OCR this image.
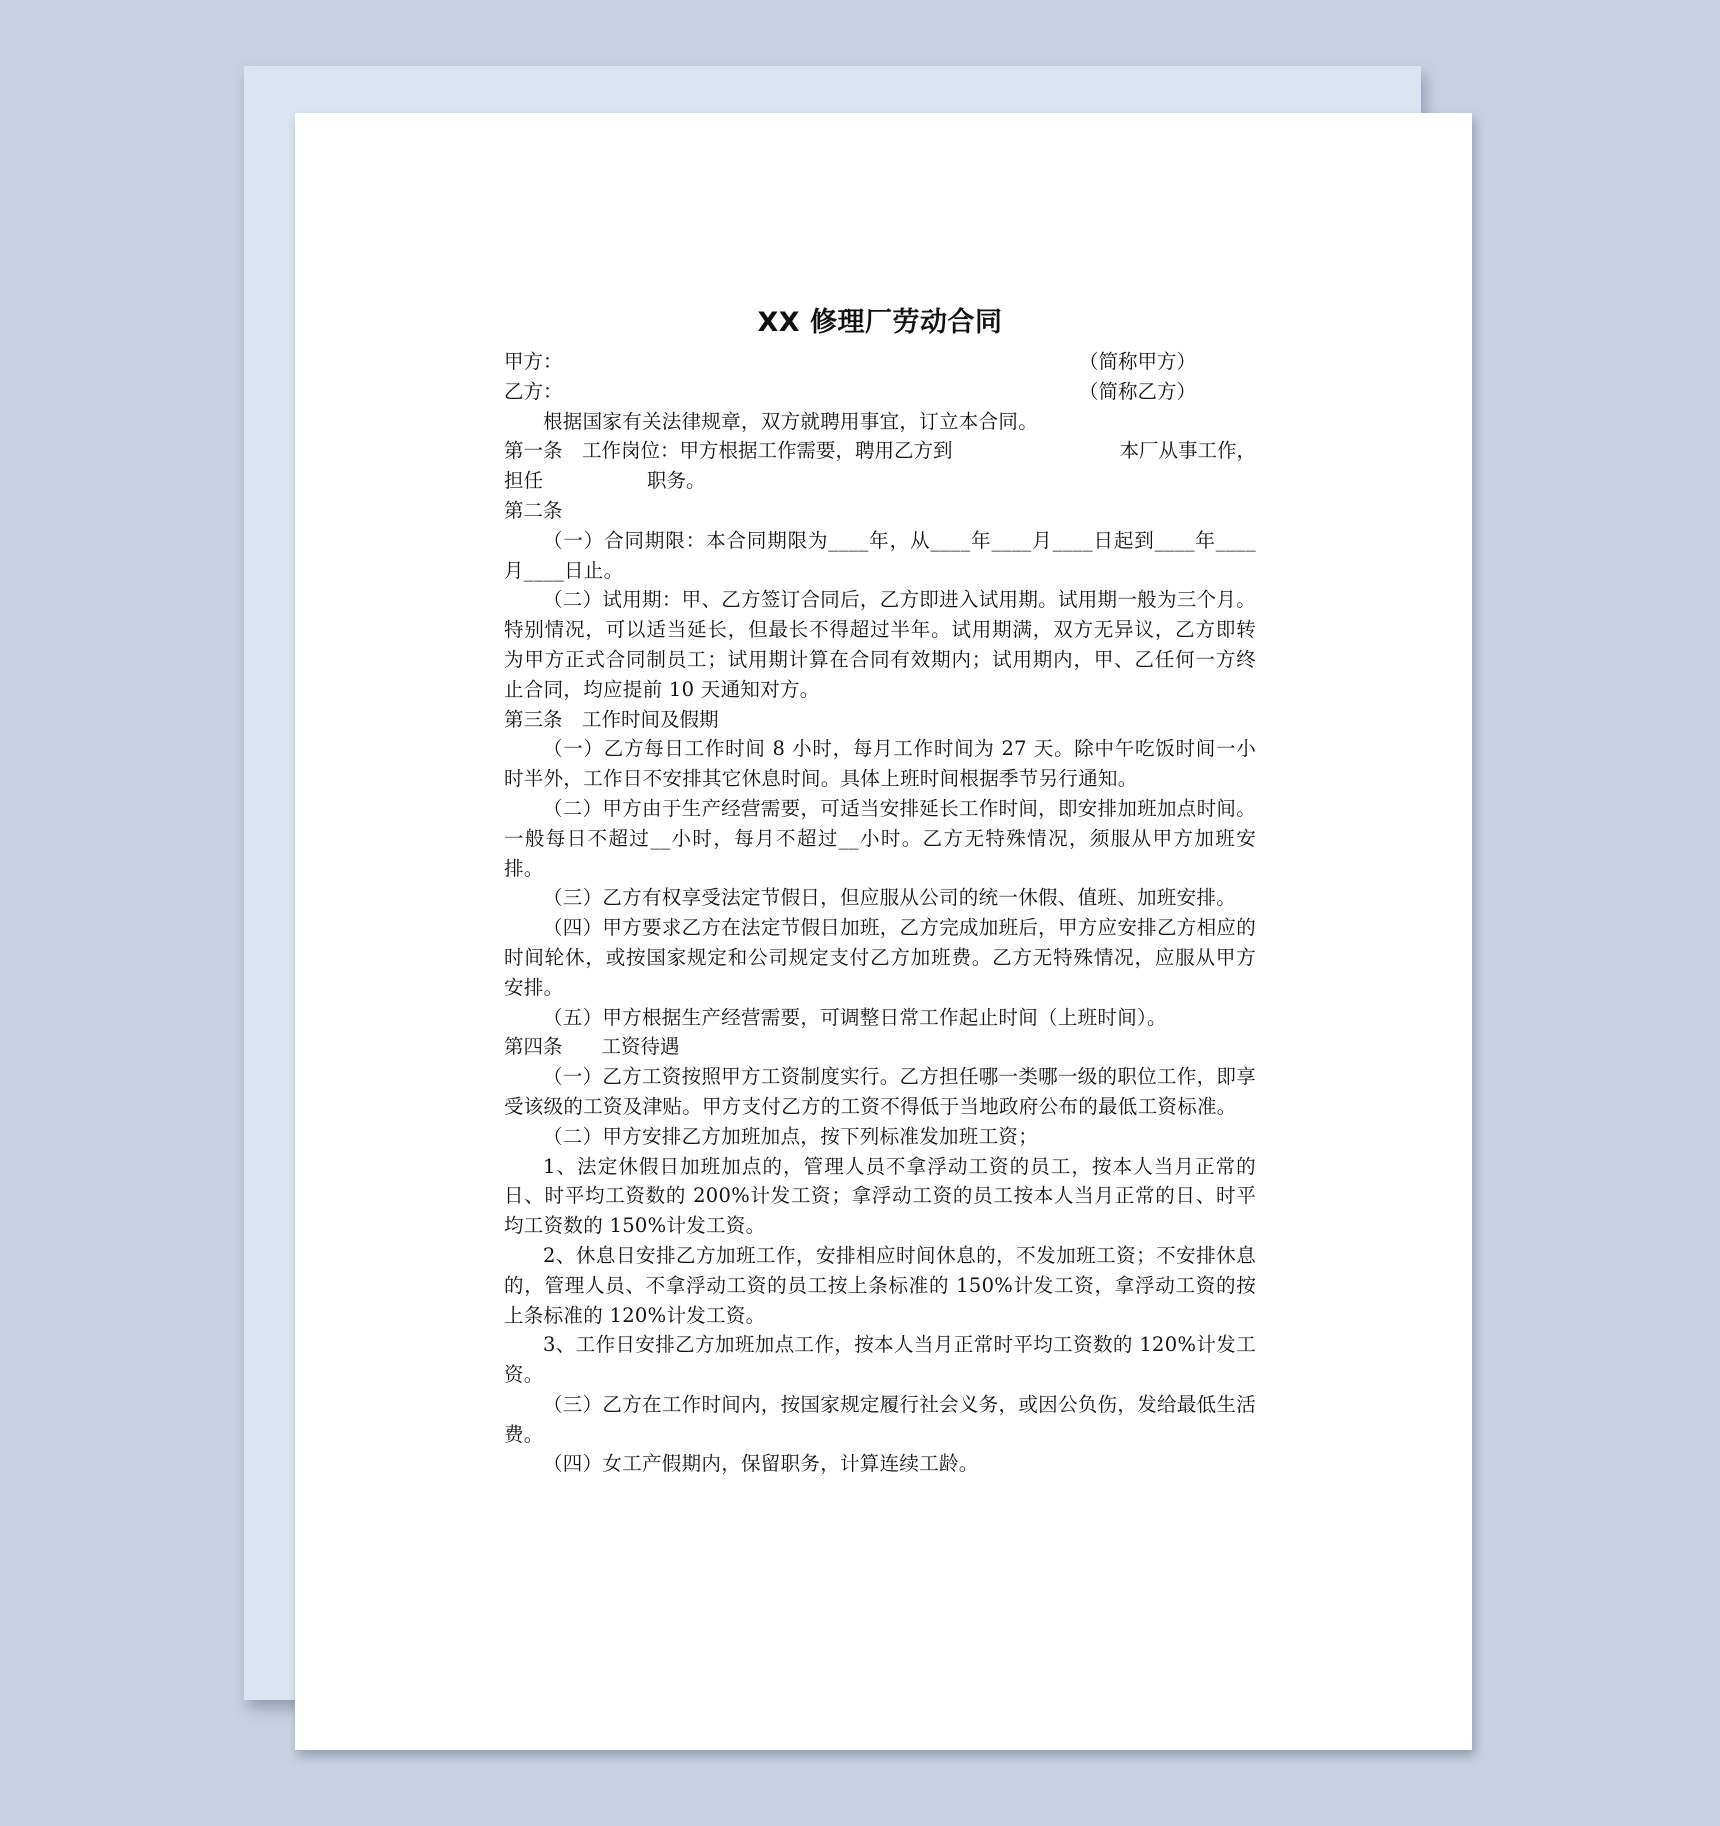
XX 修理厂劳动合同
甲方：	（简称甲方）
乙方：	（简称乙方）
根据国家有关法律规章，双方就聘用事宜，订立本合同。
第一条　工作岗位：甲方根据工作需要，聘用乙方到	本厂从事工作，
担任	职务。
第二条
（一）合同期限：本合同期限为____年，从____年____月____日起到____年____月____日止。
（二）试用期：甲、乙方签订合同后，乙方即进入试用期。试用期一般为三个月。特别情况，可以适当延长，但最长不得超过半年。试用期满，双方无异议，乙方即转为甲方正式合同制员工；试用期计算在合同有效期内；试用期内，甲、乙任何一方终止合同，均应提前 10 天通知对方。
第三条　工作时间及假期
（一）乙方每日工作时间 8 小时，每月工作时间为 27 天。除中午吃饭时间一小时半外，工作日不安排其它休息时间。具体上班时间根据季节另行通知。
（二）甲方由于生产经营需要，可适当安排延长工作时间，即安排加班加点时间。一般每日不超过__小时，每月不超过__小时。乙方无特殊情况，须服从甲方加班安排。
（三）乙方有权享受法定节假日，但应服从公司的统一休假、值班、加班安排。
（四）甲方要求乙方在法定节假日加班，乙方完成加班后，甲方应安排乙方相应的时间轮休，或按国家规定和公司规定支付乙方加班费。乙方无特殊情况，应服从甲方安排。
（五）甲方根据生产经营需要，可调整日常工作起止时间（上班时间）。
第四条　　工资待遇
（一）乙方工资按照甲方工资制度实行。乙方担任哪一类哪一级的职位工作，即享受该级的工资及津贴。甲方支付乙方的工资不得低于当地政府公布的最低工资标准。
（二）甲方安排乙方加班加点，按下列标准发加班工资；
1、法定休假日加班加点的，管理人员不拿浮动工资的员工，按本人当月正常的日、时平均工资数的 200%计发工资；拿浮动工资的员工按本人当月正常的日、时平均工资数的 150%计发工资。
2、休息日安排乙方加班工作，安排相应时间休息的，不发加班工资；不安排休息的，管理人员、不拿浮动工资的员工按上条标准的 150%计发工资，拿浮动工资的按上条标准的 120%计发工资。
3、工作日安排乙方加班加点工作，按本人当月正常时平均工资数的 120%计发工资。
（三）乙方在工作时间内，按国家规定履行社会义务，或因公负伤，发给最低生活费。
（四）女工产假期内，保留职务，计算连续工龄。
